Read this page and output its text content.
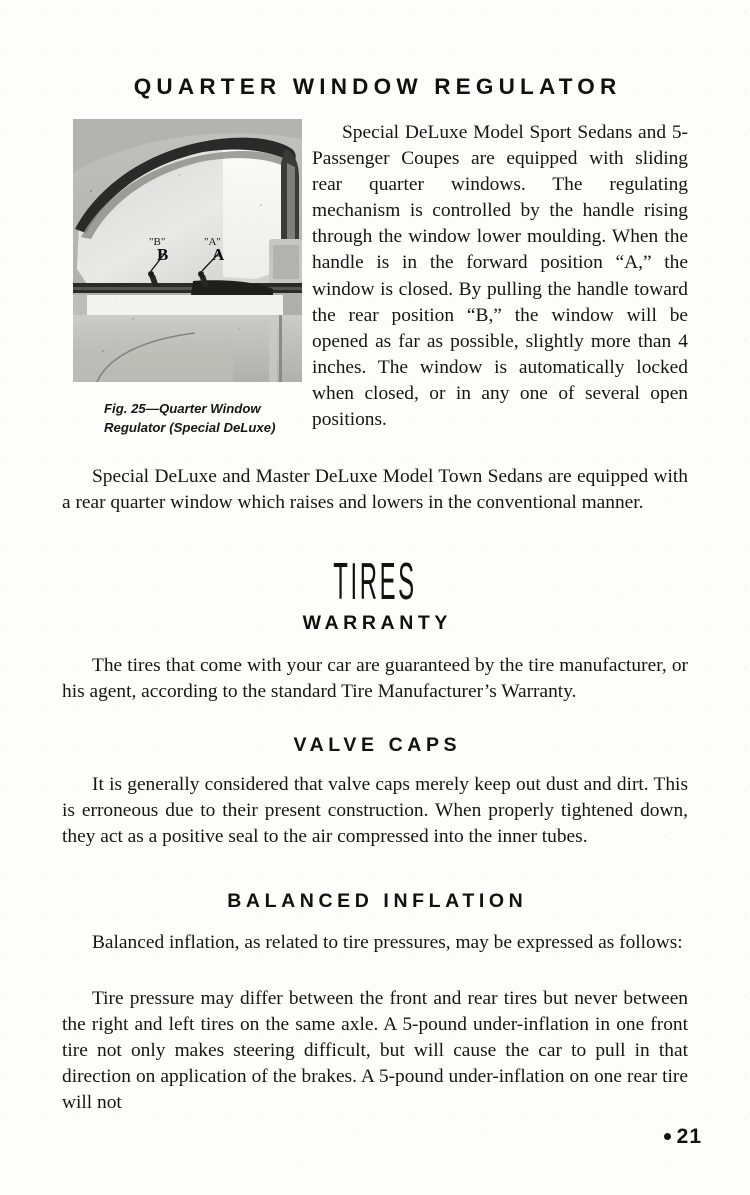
QUARTER WINDOW REGULATOR
B	A
"B"	"A"
Fig. 25—Quarter Window
Regulator (Special DeLuxe)
Special DeLuxe Model Sport Sedans and 5-Passenger Coupes are equipped with sliding rear quarter windows. The regulating mechanism is controlled by the handle rising through the window lower moulding. When the handle is in the forward position “A,” the window is closed. By pulling the handle toward the rear position “B,” the window will be opened as far as possible, slightly more than 4 inches. The window is automatically locked when closed, or in any one of several open positions.
Special DeLuxe and Master DeLuxe Model Town Sedans are equipped with a rear quarter window which raises and lowers in the conventional manner.
TIRES
WARRANTY
The tires that come with your car are guaranteed by the tire manufacturer, or his agent, according to the standard Tire Manufacturer’s Warranty.
VALVE CAPS
It is generally considered that valve caps merely keep out dust and dirt. This is erroneous due to their present construction. When properly tightened down, they act as a positive seal to the air compressed into the inner tubes.
BALANCED INFLATION
Balanced inflation, as related to tire pressures, may be expressed as follows:
Tire pressure may differ between the front and rear tires but never between the right and left tires on the same axle. A 5-pound under-inflation in one front tire not only makes steering difficult, but will cause the car to pull in that direction on application of the brakes. A 5-pound under-inflation on one rear tire will not
21
